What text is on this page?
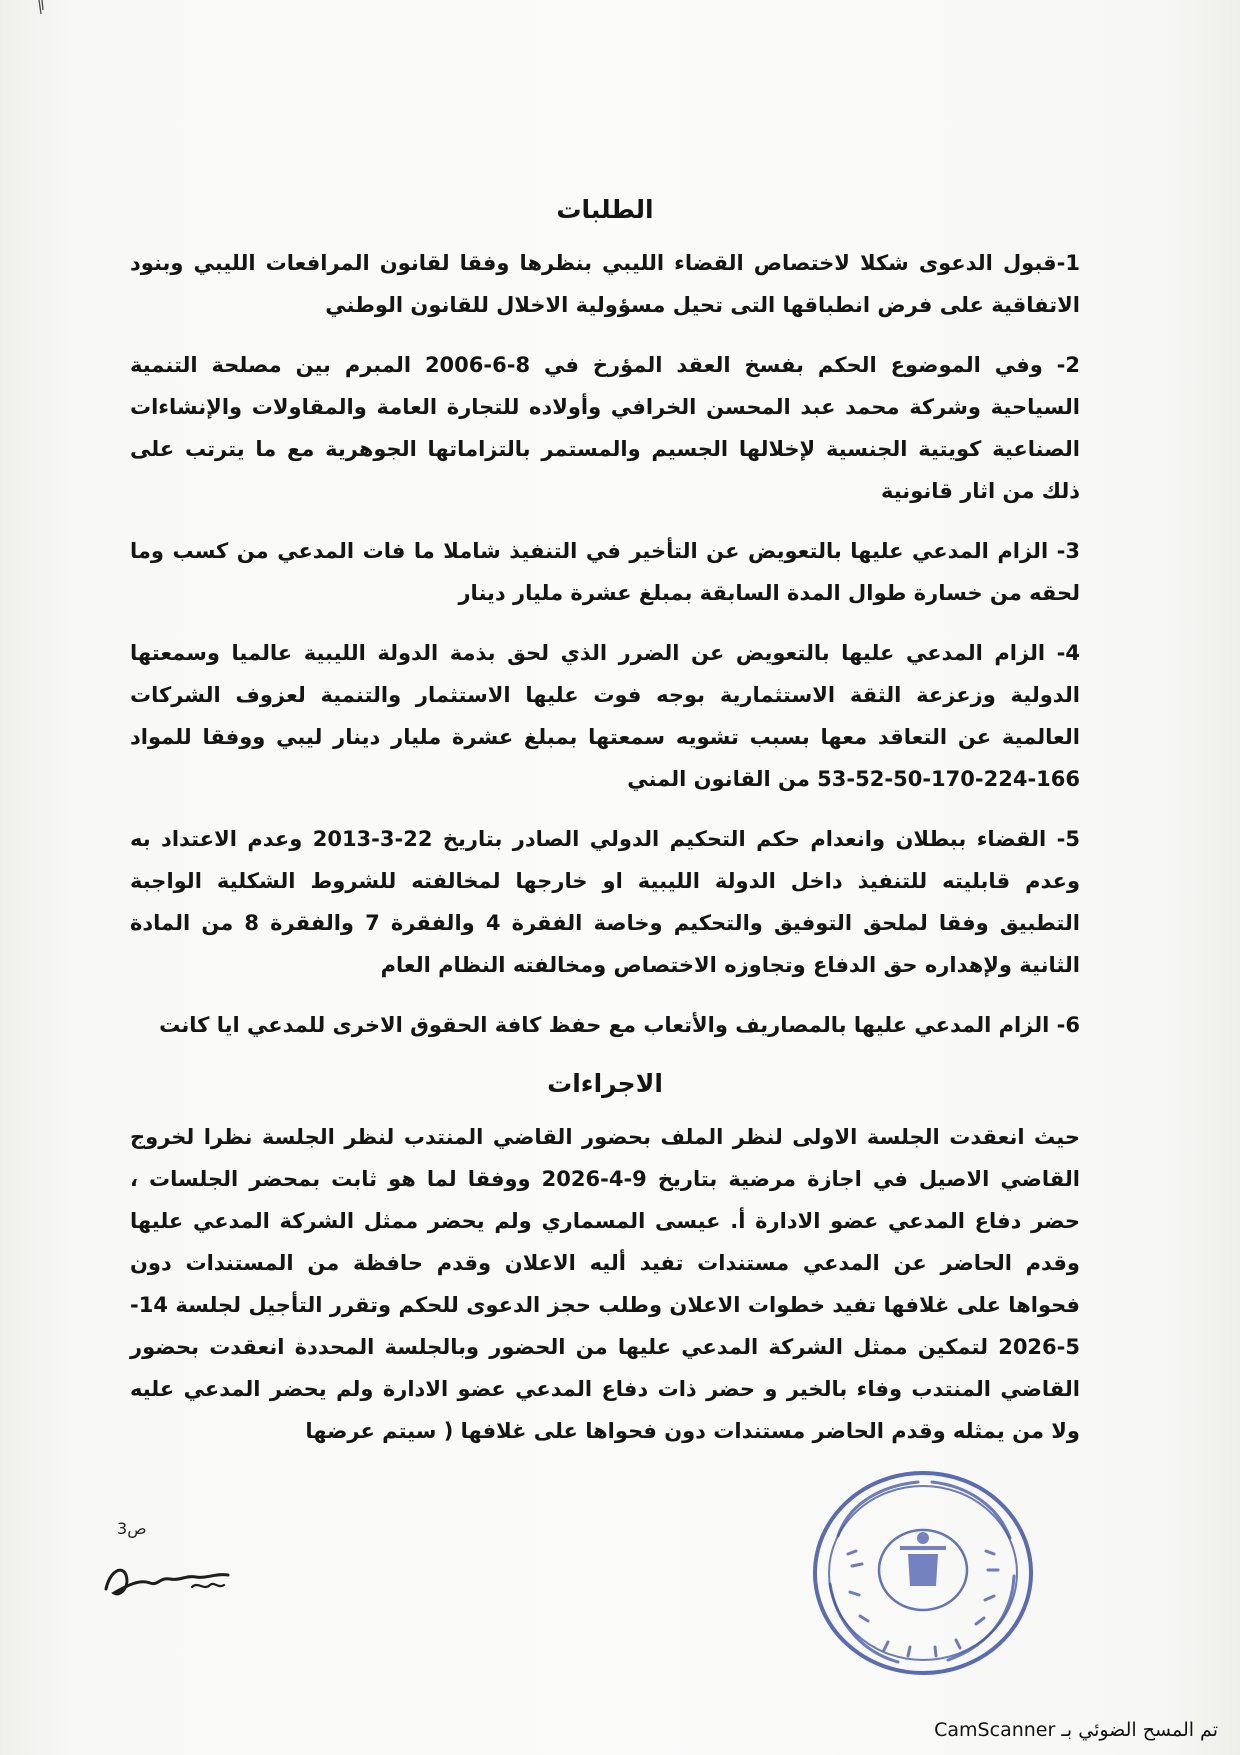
الطلبات

1-قبول الدعوى شكلا لاختصاص القضاء الليبي بنظرها وفقا لقانون المرافعات الليبي وبنود الاتفاقية على فرض انطباقها التى تحيل مسؤولية الاخلال للقانون الوطني

2- وفي الموضوع الحكم بفسخ العقد المؤرخ في 8-6-2006 المبرم بين مصلحة التنمية السياحية وشركة محمد عبد المحسن الخرافي وأولاده للتجارة العامة والمقاولات والإنشاءات الصناعية كويتية الجنسية لإخلالها الجسيم والمستمر بالتزاماتها الجوهرية مع ما يترتب على ذلك من اثار قانونية

3- الزام المدعي عليها بالتعويض عن التأخير في التنفيذ شاملا ما فات المدعي من كسب وما لحقه من خسارة طوال المدة السابقة بمبلغ عشرة مليار دينار

4- الزام المدعي عليها بالتعويض عن الضرر الذي لحق بذمة الدولة الليبية عالميا وسمعتها الدولية وزعزعة الثقة الاستثمارية بوجه فوت عليها الاستثمار والتنمية لعزوف الشركات العالمية عن التعاقد معها بسبب تشويه سمعتها بمبلغ عشرة مليار دينار ليبي ووفقا للمواد 166-224-170-50-52-53 من القانون المني

5- القضاء ببطلان وانعدام حكم التحكيم الدولي الصادر بتاريخ 22-3-2013 وعدم الاعتداد به وعدم قابليته للتنفيذ داخل الدولة الليبية او خارجها لمخالفته للشروط الشكلية الواجبة التطبيق وفقا لملحق التوفيق والتحكيم وخاصة الفقرة 4 والفقرة 7 والفقرة 8 من المادة الثانية ولإهداره حق الدفاع وتجاوزه الاختصاص ومخالفته النظام العام

6- الزام المدعي عليها بالمصاريف والأتعاب مع حفظ كافة الحقوق الاخرى للمدعي ايا كانت

الاجراءات

حيث انعقدت الجلسة الاولى لنظر الملف بحضور القاضي المنتدب لنظر الجلسة نظرا لخروج القاضي الاصيل في اجازة مرضية بتاريخ 9-4-2026 ووفقا لما هو ثابت بمحضر الجلسات ، حضر دفاع المدعي عضو الادارة أ. عيسى المسماري ولم يحضر ممثل الشركة المدعي عليها وقدم الحاضر عن المدعي مستندات تفيد أليه الاعلان وقدم حافظة من المستندات دون فحواها على غلافها تفيد خطوات الاعلان وطلب حجز الدعوى للحكم وتقرر التأجيل لجلسة 14-5-2026 لتمكين ممثل الشركة المدعي عليها من الحضور وبالجلسة المحددة انعقدت بحضور القاضي المنتدب وفاء بالخير و حضر ذات دفاع المدعي عضو الادارة ولم يحضر المدعي عليه ولا من يمثله وقدم الحاضر مستندات دون فحواها على غلافها ( سيتم عرضها

ص3
تم المسح الضوئي بـ CamScanner
